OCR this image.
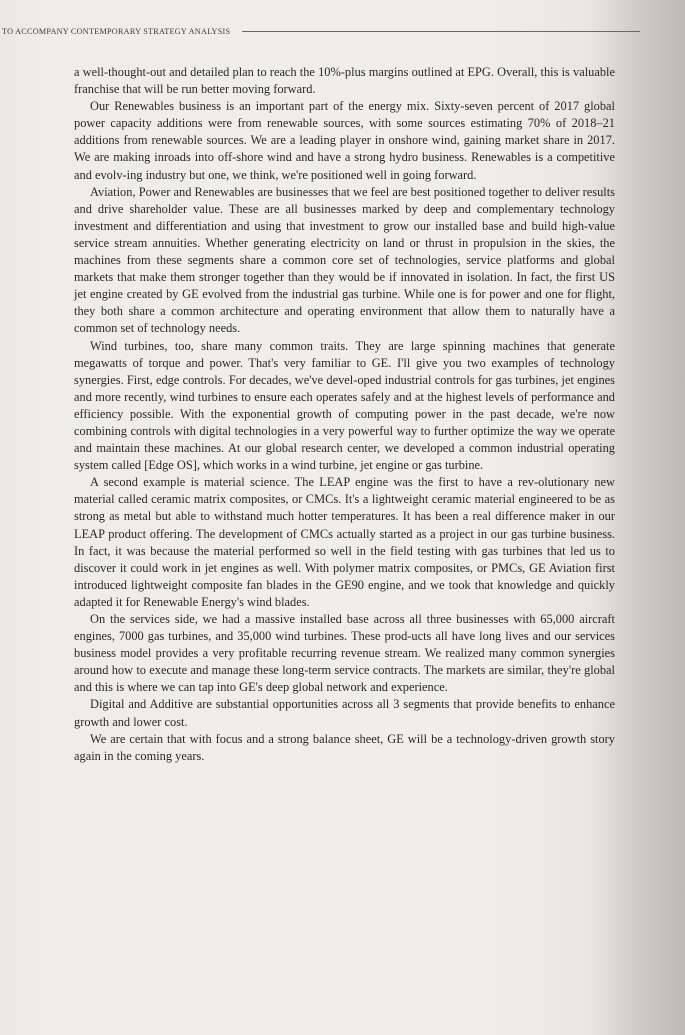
TO ACCOMPANY CONTEMPORARY STRATEGY ANALYSIS

a well-thought-out and detailed plan to reach the 10%-plus margins outlined at EPG. Overall, this is valuable franchise that will be run better moving forward.

Our Renewables business is an important part of the energy mix. Sixty-seven percent of 2017 global power capacity additions were from renewable sources, with some sources estimating 70% of 2018–21 additions from renewable sources. We are a leading player in onshore wind, gaining market share in 2017. We are making inroads into off-shore wind and have a strong hydro business. Renewables is a competitive and evolv-ing industry but one, we think, we're positioned well in going forward.

Aviation, Power and Renewables are businesses that we feel are best positioned together to deliver results and drive shareholder value. These are all businesses marked by deep and complementary technology investment and differentiation and using that investment to grow our installed base and build high-value service stream annuities. Whether generating electricity on land or thrust in propulsion in the skies, the machines from these segments share a common core set of technologies, service platforms and global markets that make them stronger together than they would be if innovated in isolation. In fact, the first US jet engine created by GE evolved from the industrial gas turbine. While one is for power and one for flight, they both share a common architecture and operating environment that allow them to naturally have a common set of technology needs.

Wind turbines, too, share many common traits. They are large spinning machines that generate megawatts of torque and power. That's very familiar to GE. I'll give you two examples of technology synergies. First, edge controls. For decades, we've devel-oped industrial controls for gas turbines, jet engines and more recently, wind turbines to ensure each operates safely and at the highest levels of performance and efficiency possible. With the exponential growth of computing power in the past decade, we're now combining controls with digital technologies in a very powerful way to further optimize the way we operate and maintain these machines. At our global research center, we developed a common industrial operating system called [Edge OS], which works in a wind turbine, jet engine or gas turbine.

A second example is material science. The LEAP engine was the first to have a rev-olutionary new material called ceramic matrix composites, or CMCs. It's a lightweight ceramic material engineered to be as strong as metal but able to withstand much hotter temperatures. It has been a real difference maker in our LEAP product offering. The development of CMCs actually started as a project in our gas turbine business. In fact, it was because the material performed so well in the field testing with gas turbines that led us to discover it could work in jet engines as well. With polymer matrix composites, or PMCs, GE Aviation first introduced lightweight composite fan blades in the GE90 engine, and we took that knowledge and quickly adapted it for Renewable Energy's wind blades.

On the services side, we had a massive installed base across all three businesses with 65,000 aircraft engines, 7000 gas turbines, and 35,000 wind turbines. These prod-ucts all have long lives and our services business model provides a very profitable recurring revenue stream. We realized many common synergies around how to execute and manage these long-term service contracts. The markets are similar, they're global and this is where we can tap into GE's deep global network and experience.

Digital and Additive are substantial opportunities across all 3 segments that provide benefits to enhance growth and lower cost.

We are certain that with focus and a strong balance sheet, GE will be a technology-driven growth story again in the coming years.
